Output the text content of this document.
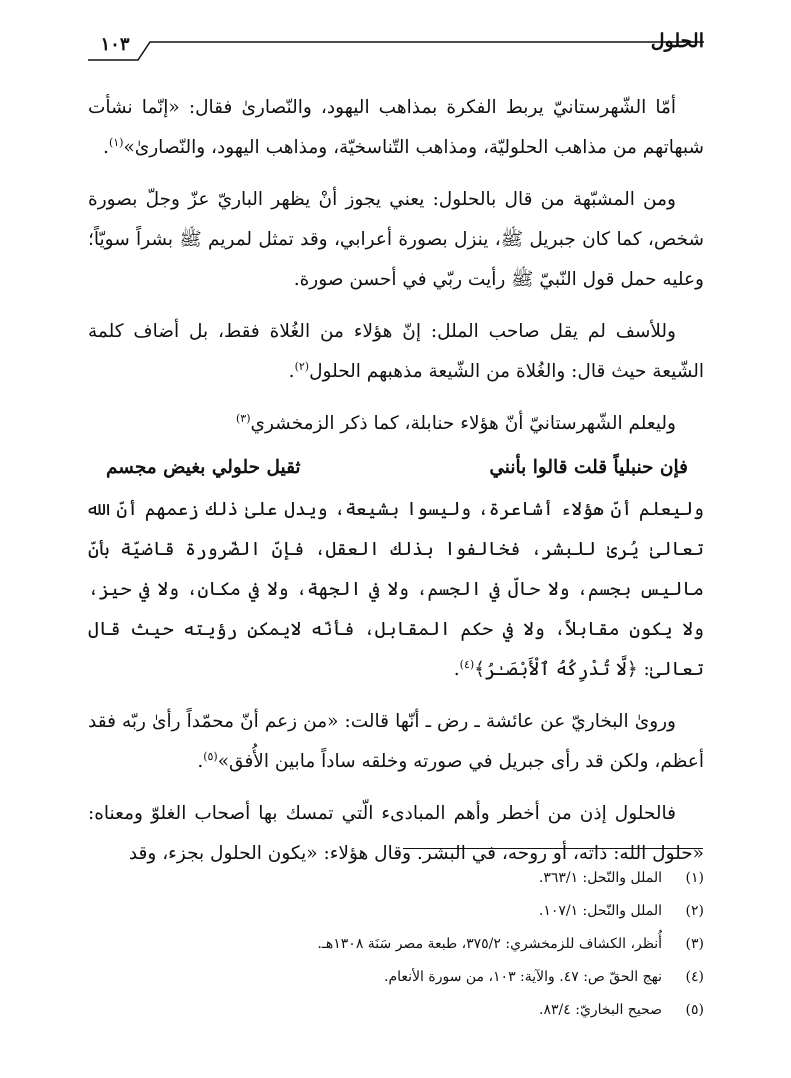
الحلول
١٠٣

أمّا الشّهرستانيّ يربط الفكرة بمذاهب اليهود، والنّصارىٰ فقال: «إنّما نشأت شبهاتهم من مذاهب الحلوليّة، ومذاهب التّناسخيّة، ومذاهب اليهود، والنّصارىٰ»$^{(١)}$.

ومن المشبّهة من قال بالحلول: يعني يجوز أنْ يظهر الباريّ عزّ وجلّ بصورة شخص، كما كان جبريل ﷺ، ينزل بصورة أعرابي، وقد تمثل لمريم ﷺ بشراً سويّاً؛ وعليه حمل قول النّبيّ ﷺ رأيت ربّي في أحسن صورة.

وللأسف لم يقل صاحب الملل: إنّ هؤلاء من الغُلاة فقط، بل أضاف كلمة الشّيعة حيث قال: والغُلاة من الشّيعة مذهبهم الحلول$^{(٢)}$.

وليعلم الشّهرستانيّ أنّ هؤلاء حنابلة، كما ذكر الزمخشري$^{(٣)}$

فإن حنبلياً قلت قالوا بأنني
ثقيل حلولي بغيض مجسم

وليعلم أنّ هؤلاء أشاعرة، وليسوا بشيعة، ويدل علىٰ ذلك زعمهم أنّ الله تعالىٰ يُرىٰ للبشر، فخالفوا بذلك العقل، فإنّ الضّرورة قاضيّة بأنّ ماليس بجسم، ولا حالّ في الجسم، ولا في الجهة، ولا في مكان، ولا في حيز، ولا يكون مقابلاً، ولا في حكم المقابل، فأنّه لايمكن رؤيته حيث قال تعالىٰ: ﴿لَّا تُدْرِكُهُ ٱلْأَبْصَـٰرُ﴾$^{(٤)}$.

وروىٰ البخاريّ عن عائشة ـ رض ـ أنّها قالت: «من زعم أنّ محمّداً رأىٰ ربّه فقد أعظم، ولكن قد رأى جبريل في صورته وخلقه ساداً مابين الأُفق»$^{(٥)}$.

فالحلول إذن من أخطر وأهم المبادىء الّتي تمسك بها أصحاب الغلوّ ومعناه: «حلول الله: ذاته، أو روحه، في البشر. وقال هؤلاء: «يكون الحلول بجزء، وقد

(١)
الملل والنّحل: ٣٦٣/١.
(٢)
الملل والنّحل: ١٠٧/١.
(٣)
أُنظر، الكشاف للزمخشري: ٣٧٥/٢، طبعة مصر سَنَة ١٣٠٨هـ.
(٤)
نهج الحقّ ص: ٤٧. والآية: ١٠٣، من سورة الأنعام.
(٥)
صحيح البخاريّ: ٨٣/٤.
